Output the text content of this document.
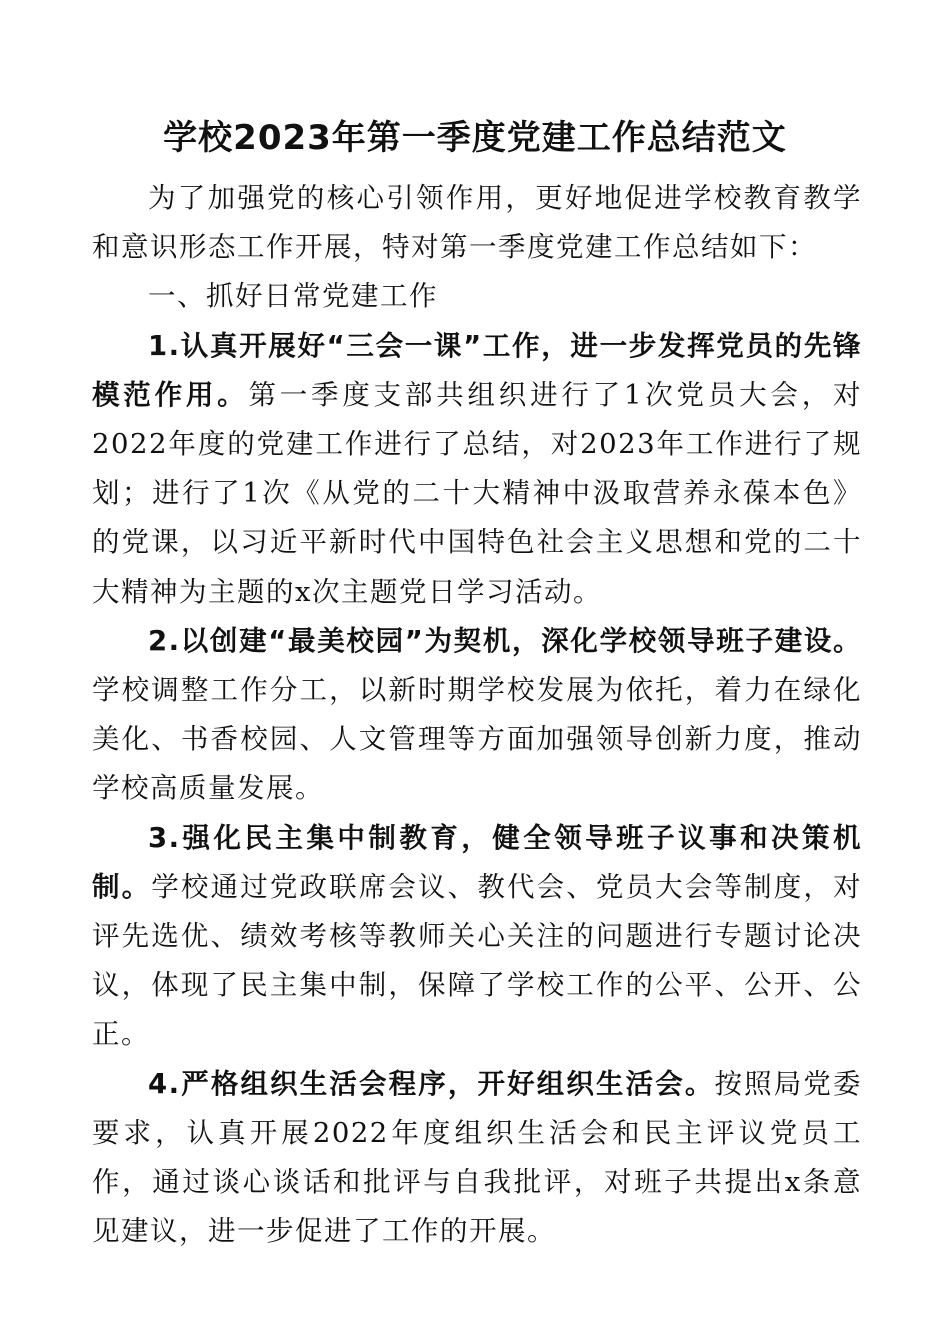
学校2023年第一季度党建工作总结范文

为了加强党的核心引领作用，更好地促进学校教育教学和意识形态工作开展，特对第一季度党建工作总结如下：

一、抓好日常党建工作

1.认真开展好“三会一课”工作，进一步发挥党员的先锋模范作用。第一季度支部共组织进行了1次党员大会，对2022年度的党建工作进行了总结，对2023年工作进行了规划；进行了1次《从党的二十大精神中汲取营养永葆本色》的党课，以习近平新时代中国特色社会主义思想和党的二十大精神为主题的x次主题党日学习活动。

2.以创建“最美校园”为契机，深化学校领导班子建设。学校调整工作分工，以新时期学校发展为依托，着力在绿化美化、书香校园、人文管理等方面加强领导创新力度，推动学校高质量发展。

3.强化民主集中制教育，健全领导班子议事和决策机制。学校通过党政联席会议、教代会、党员大会等制度，对评先选优、绩效考核等教师关心关注的问题进行专题讨论决议，体现了民主集中制，保障了学校工作的公平、公开、公正。

4.严格组织生活会程序，开好组织生活会。按照局党委要求，认真开展2022年度组织生活会和民主评议党员工作，通过谈心谈话和批评与自我批评，对班子共提出x条意见建议，进一步促进了工作的开展。
